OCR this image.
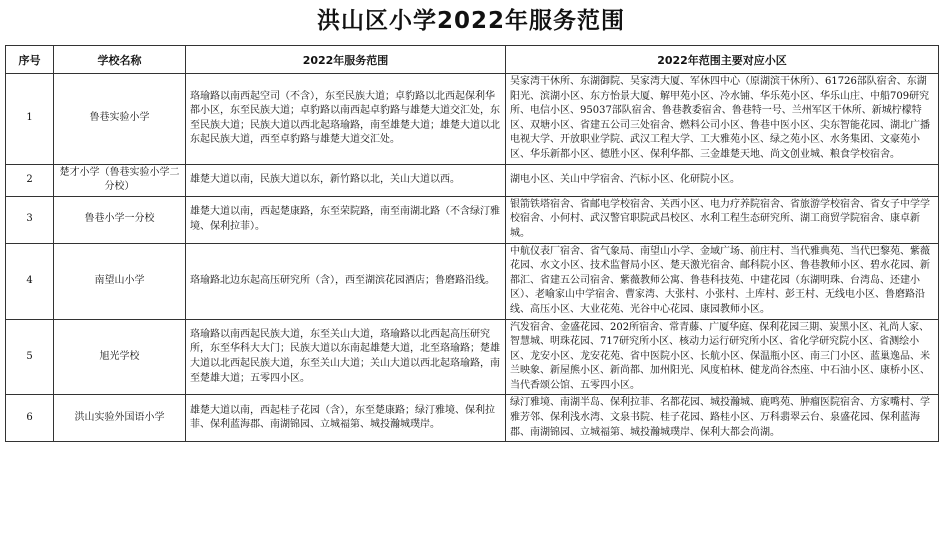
洪山区小学2022年服务范围
序号	学校名称	2022年服务范围	2022年范围主要对应小区
1	鲁巷实验小学	珞瑜路以南西起空司（不含），东至民族大道；卓豹路以北西起保利华都小区，东至民族大道；卓豹路以南西起卓豹路与雄楚大道交汇处，东至民族大道；民族大道以西北起珞瑜路，南至雄楚大道；雄楚大道以北东起民族大道，西至卓豹路与雄楚大道交汇处。	吴家湾干休所、东湖御院、吴家湾大厦、军休四中心（原湖滨干休所）、61726部队宿舍、东湖阳光、滨湖小区、东方怡景大厦、解甲苑小区、冷水铺、华乐苑小区、华乐山庄、中船709研究所、电信小区、95037部队宿舍、鲁巷教委宿舍、鲁巷特一号、兰州军区干休所、新城柠檬特区、双塘小区、省建五公司三处宿舍、燃料公司小区、鲁巷中医小区、尖东智能花园、湖北广播电视大学、开放职业学院、武汉工程大学、工大雅苑小区、绿之苑小区、水务集团、文豪苑小区、华乐新都小区、德胜小区、保利华都、三金雄楚天地、尚文创业城、粮食学校宿舍。
2	楚才小学（鲁巷实验小学二分校）	雄楚大道以南，民族大道以东，新竹路以北，关山大道以西。	湖电小区、关山中学宿舍、汽标小区、化研院小区。
3	鲁巷小学一分校	雄楚大道以南，西起楚康路，东至荣院路，南至南湖北路（不含绿汀雅境、保利拉菲）。	银箭铁塔宿舍、省邮电学校宿舍、关西小区、电力疗养院宿舍、省旅游学校宿舍、省女子中学学校宿舍、小何村、武汉警官职院武昌校区、水利工程生态研究所、湖工商贸学院宿舍、康卓新城。
4	南望山小学	珞瑜路北边东起高压研究所（含），西至湖滨花园酒店；鲁磨路沿线。	中航仪表厂宿舍、省气象局、南望山小学、金域广场、前庄村、当代雅典苑、当代巴黎苑、紫薇花园、水文小区、技术监督局小区、楚天激光宿舍、邮科院小区、鲁巷教师小区、碧水花园、新都汇、省建五公司宿舍、紫薇教师公寓、鲁巷科技苑、中建花园（东湖明珠、台湾岛、还建小区）、老喻家山中学宿舍、曹家湾、大张村、小张村、土库村、彭王村、无线电小区、鲁磨路沿线、高压小区、大业花苑、光谷中心花园、康园教师小区。
5	旭光学校	珞瑜路以南西起民族大道，东至关山大道，珞瑜路以北西起高压研究所，东至华科大大门；民族大道以东南起雄楚大道，北至珞瑜路；楚雄大道以北西起民族大道，东至关山大道；关山大道以西北起珞瑜路，南至楚雄大道；五零四小区。	汽发宿舍、金盛花园、202所宿舍、常青藤、广厦华庭、保利花园三期、炭黑小区、礼尚人家、智慧城、明珠花园、717研究所小区、核动力运行研究所小区、省化学研究院小区、省测绘小区、龙安小区、龙安花苑、省中医院小区、长航小区、保温瓶小区、南三门小区、蓝巢逸品、米兰映象、新屋熊小区、新尚都、加州阳光、风度柏林、健龙尚谷杰座、中石油小区、康桥小区、当代香颂公馆、五零四小区。
6	洪山实验外国语小学	雄楚大道以南，西起桂子花园（含），东至楚康路；绿汀雅境、保利拉菲、保利蓝海郡、南湖锦园、立城福第、城投瀚城璞岸。	绿汀雅境、南湖半岛、保利拉菲、名都花园、城投瀚城、鹿鸣苑、肿瘤医院宿舍、方家嘴村、学雅芳邻、保利浅水湾、文泉书院、桂子花园、路桂小区、万科翡翠云台、泉盛花园、保利蓝海郡、南湖锦园、立城福第、城投瀚城璞岸、保利大都会尚湖。
